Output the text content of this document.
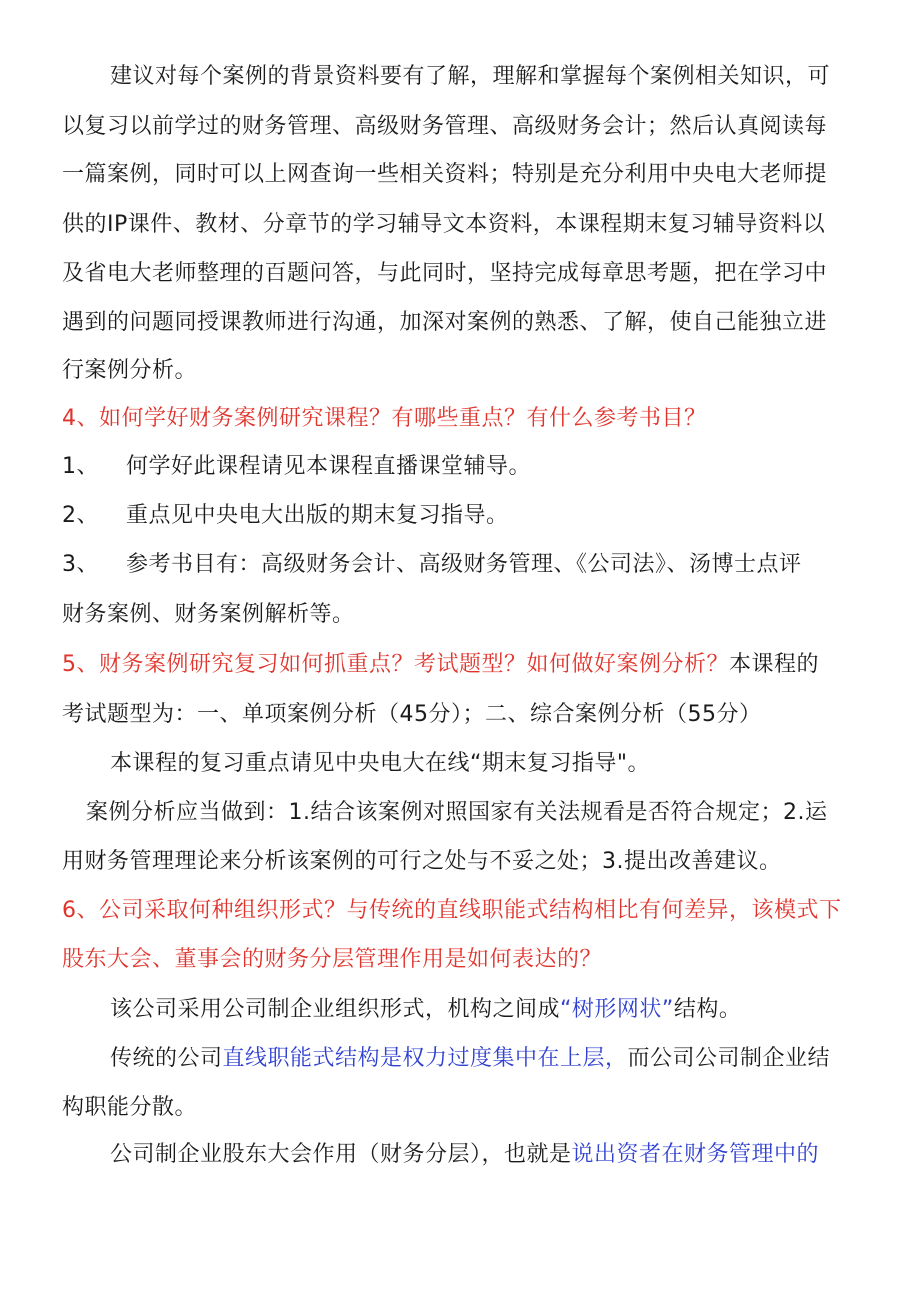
建议对每个案例的背景资料要有了解，理解和掌握每个案例相关知识，可
以复习以前学过的财务管理、高级财务管理、高级财务会计；然后认真阅读每
一篇案例，同时可以上网查询一些相关资料；特别是充分利用中央电大老师提
供的IP课件、教材、分章节的学习辅导文本资料，本课程期末复习辅导资料以
及省电大老师整理的百题问答，与此同时，坚持完成每章思考题，把在学习中
遇到的问题同授课教师进行沟通，加深对案例的熟悉、了解，使自己能独立进
行案例分析。
4、如何学好财务案例研究课程？有哪些重点？有什么参考书目？
1、 何学好此课程请见本课程直播课堂辅导。
2、 重点见中央电大出版的期末复习指导。
3、 参考书目有：高级财务会计、高级财务管理、《公司法》、汤博士点评
财务案例、财务案例解析等。
5、财务案例研究复习如何抓重点？考试题型？如何做好案例分析？本课程的
考试题型为：一、单项案例分析（45分）；二、综合案例分析（55分）
本课程的复习重点请见中央电大在线“期末复习指导"。
案例分析应当做到：1.结合该案例对照国家有关法规看是否符合规定；2.运
用财务管理理论来分析该案例的可行之处与不妥之处；3.提出改善建议。
6、公司采取何种组织形式？与传统的直线职能式结构相比有何差异，该模式下
股东大会、董事会的财务分层管理作用是如何表达的？
该公司采用公司制企业组织形式，机构之间成“树形网状”结构。
传统的公司直线职能式结构是权力过度集中在上层，而公司公司制企业结
构职能分散。
公司制企业股东大会作用（财务分层），也就是说出资者在财务管理中的
